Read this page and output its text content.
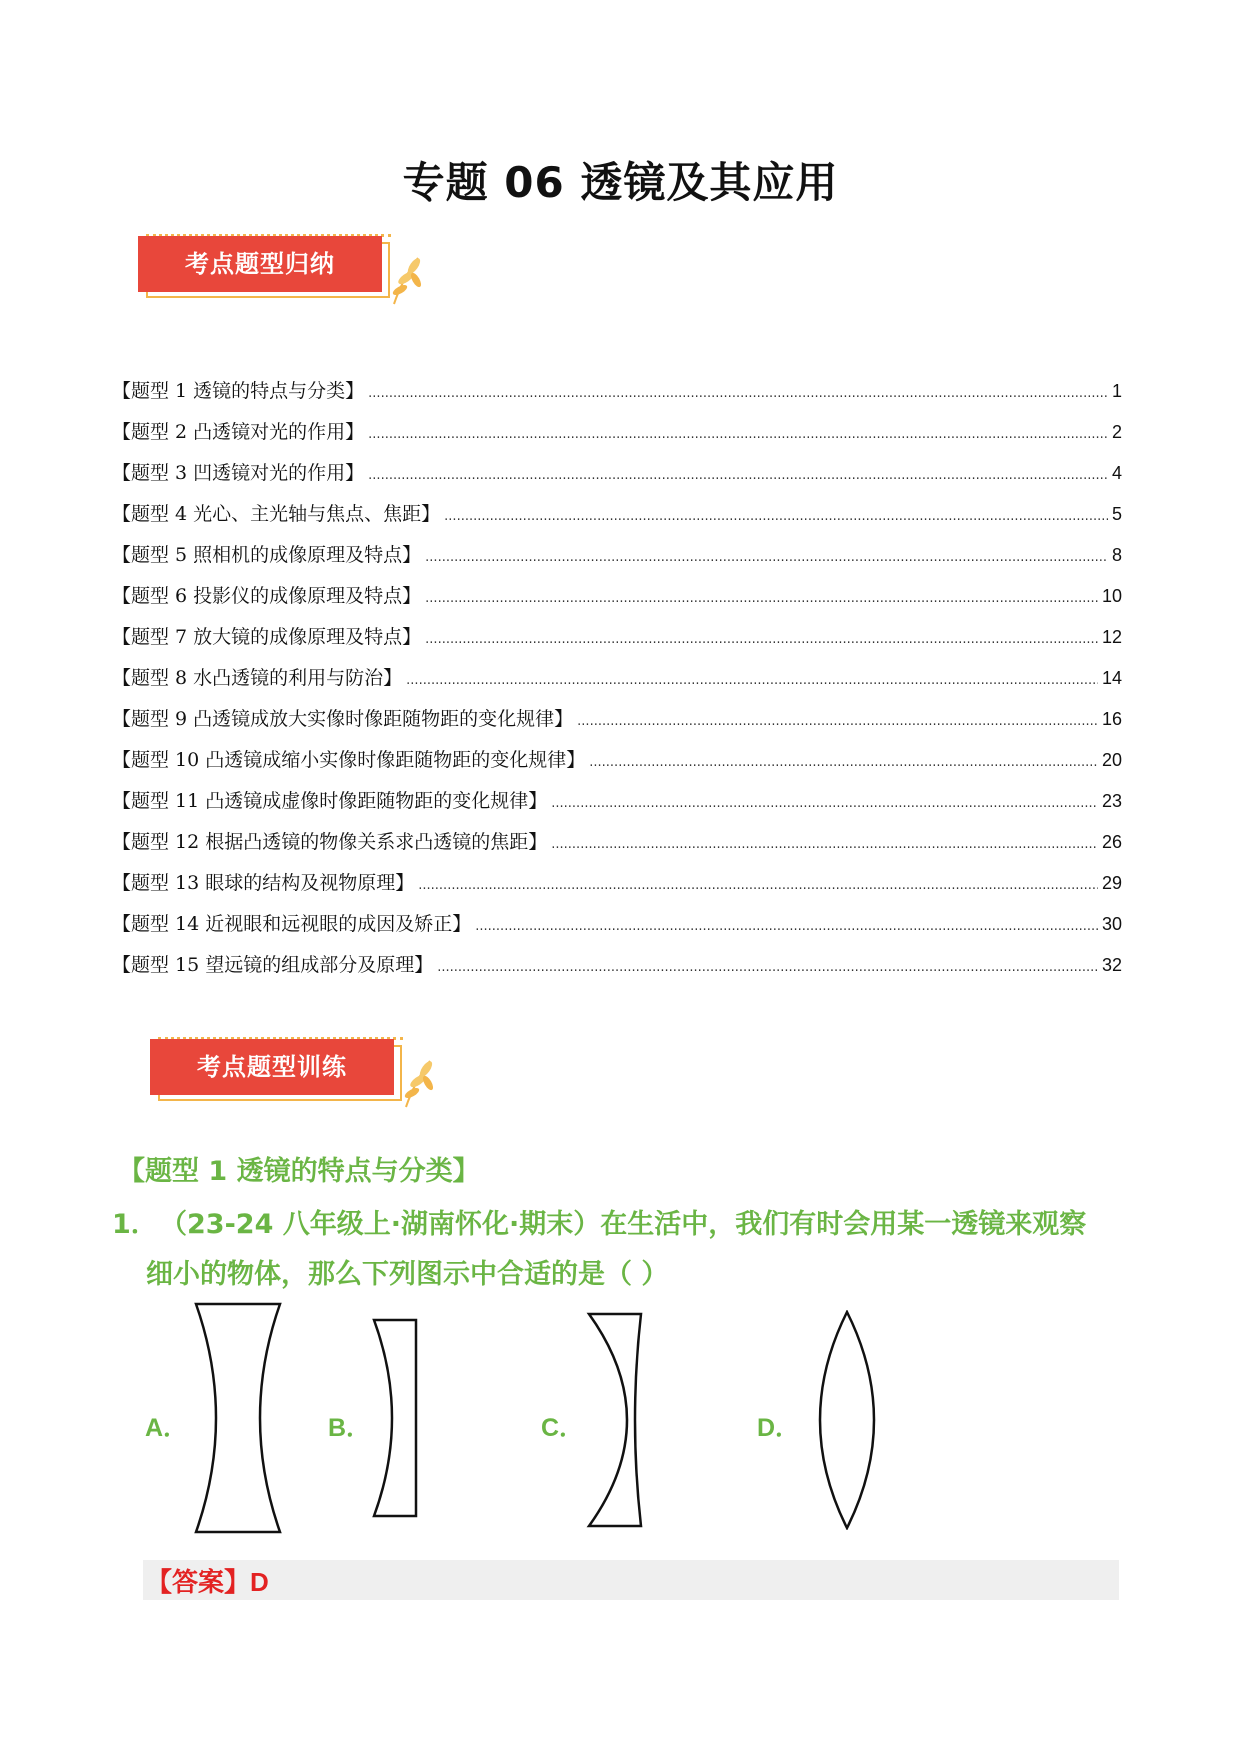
专题 06 透镜及其应用
考点题型归纳
【题型 1 透镜的特点与分类】 .....	1
【题型 2 凸透镜对光的作用】 .....	2
【题型 3 凹透镜对光的作用】 .....	4
【题型 4 光心、主光轴与焦点、焦距】 .....	5
【题型 5 照相机的成像原理及特点】 .....	8
【题型 6 投影仪的成像原理及特点】 .....	10
【题型 7 放大镜的成像原理及特点】 .....	12
【题型 8 水凸透镜的利用与防治】 .....	14
【题型 9 凸透镜成放大实像时像距随物距的变化规律】 .....	16
【题型 10 凸透镜成缩小实像时像距随物距的变化规律】 .....	20
【题型 11 凸透镜成虚像时像距随物距的变化规律】 .....	23
【题型 12 根据凸透镜的物像关系求凸透镜的焦距】 .....	26
【题型 13 眼球的结构及视物原理】 .....	29
【题型 14 近视眼和远视眼的成因及矫正】 .....	30
【题型 15 望远镜的组成部分及原理】 .....	32
考点题型训练
【题型 1 透镜的特点与分类】
1．（23-24 八年级上·湖南怀化·期末）在生活中，我们有时会用某一透镜来观察
细小的物体，那么下列图示中合适的是（ ）
A．	B．	C．	D．
【答案】D
